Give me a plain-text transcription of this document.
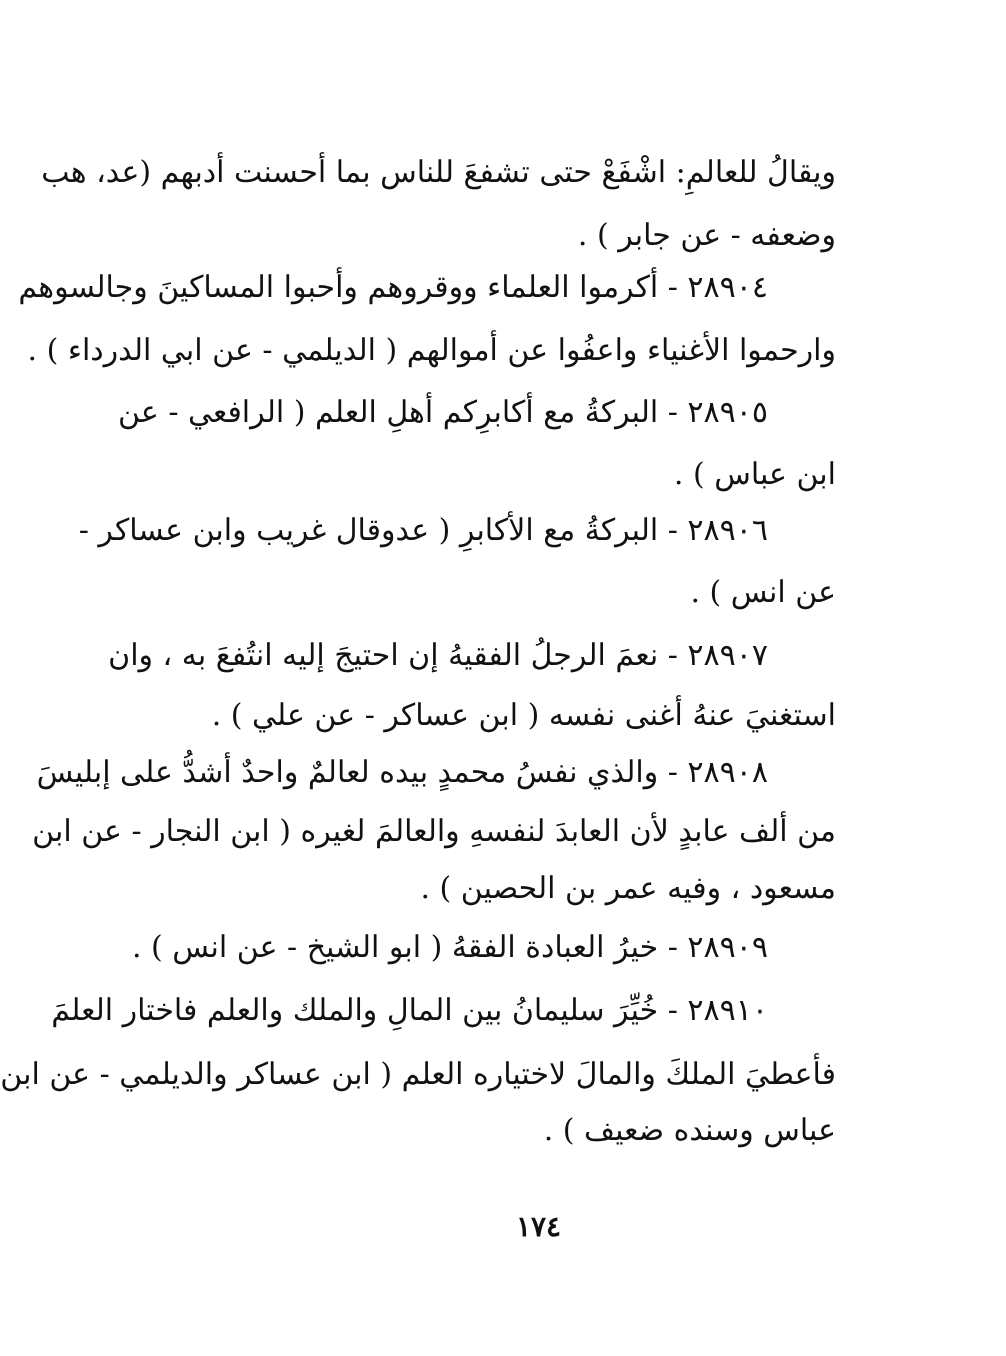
ويقالُ للعالمِ: اشْفَعْ حتى تشفعَ للناس بما أحسنت أدبهم (عد، هب
وضعفه - عن جابر ) .
٢٨٩٠٤ - أكرموا العلماء ووقروهم وأحبوا المساكينَ وجالسوهم
وارحموا الأغنياء واعفُوا عن أموالهم ( الديلمي - عن ابي الدرداء ) .
٢٨٩٠٥ - البركةُ مع أكابرِكم أهلِ العلم ( الرافعي - عن
ابن عباس ) .
٢٨٩٠٦ - البركةُ مع الأكابرِ ( عدوقال غريب وابن عساكر -
عن انس ) .
٢٨٩٠٧ - نعمَ الرجلُ الفقيهُ إن احتيجَ إليه انتُفعَ به ، وان
استغنيَ عنهُ أغنى نفسه ( ابن عساكر - عن علي ) .
٢٨٩٠٨ - والذي نفسُ محمدٍ بيده لعالمٌ واحدٌ أشدُّ على إبليسَ
من ألف عابدٍ لأن العابدَ لنفسهِ والعالمَ لغيره ( ابن النجار - عن ابن
مسعود ، وفيه عمر بن الحصين ) .
٢٨٩٠٩ - خيرُ العبادة الفقهُ ( ابو الشيخ - عن انس ) .
٢٨٩١٠ - خُيِّرَ سليمانُ بين المالِ والملك والعلم فاختار العلمَ
فأعطيَ الملكَ والمالَ لاختياره العلم ( ابن عساكر والديلمي - عن ابن
عباس وسنده ضعيف ) .
١٧٤
